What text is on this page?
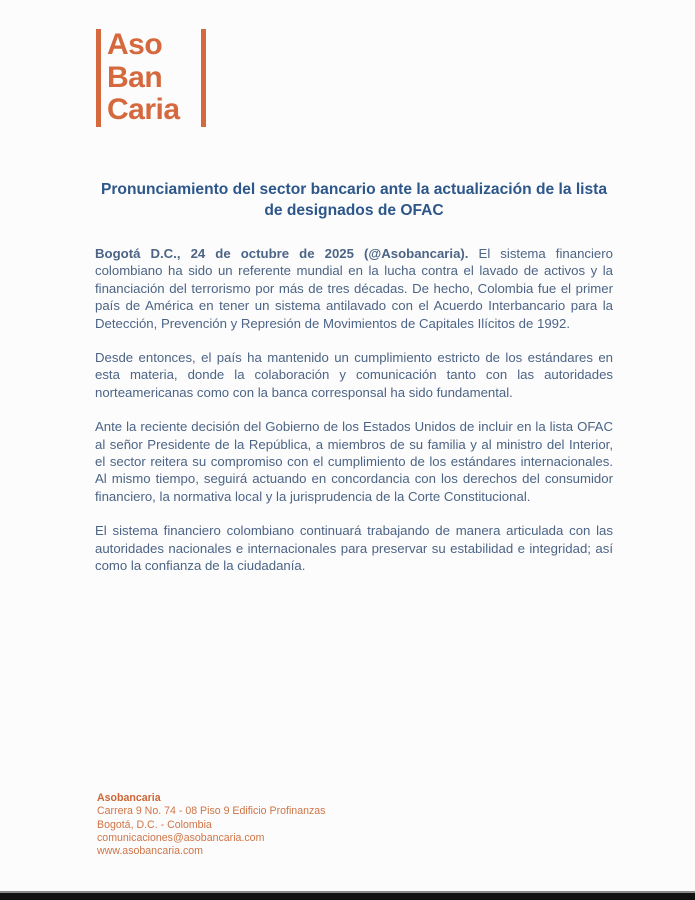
Aso
Ban
Caria
Pronunciamiento del sector bancario ante la actualización de la lista de designados de OFAC

Bogotá D.C., 24 de octubre de 2025 (@Asobancaria). El sistema financiero colombiano ha sido un referente mundial en la lucha contra el lavado de activos y la financiación del terrorismo por más de tres décadas. De hecho, Colombia fue el primer país de América en tener un sistema antilavado con el Acuerdo Interbancario para la Detección, Prevención y Represión de Movimientos de Capitales Ilícitos de 1992.

Desde entonces, el país ha mantenido un cumplimiento estricto de los estándares en esta materia, donde la colaboración y comunicación tanto con las autoridades norteamericanas como con la banca corresponsal ha sido fundamental.

Ante la reciente decisión del Gobierno de los Estados Unidos de incluir en la lista OFAC al señor Presidente de la República, a miembros de su familia y al ministro del Interior, el sector reitera su compromiso con el cumplimiento de los estándares internacionales. Al mismo tiempo, seguirá actuando en concordancia con los derechos del consumidor financiero, la normativa local y la jurisprudencia de la Corte Constitucional.

El sistema financiero colombiano continuará trabajando de manera articulada con las autoridades nacionales e internacionales para preservar su estabilidad e integridad; así como la confianza de la ciudadanía.

Asobancaria
Carrera 9 No. 74 - 08 Piso 9 Edificio Profinanzas
Bogotá, D.C. - Colombia
comunicaciones@asobancaria.com
www.asobancaria.com
